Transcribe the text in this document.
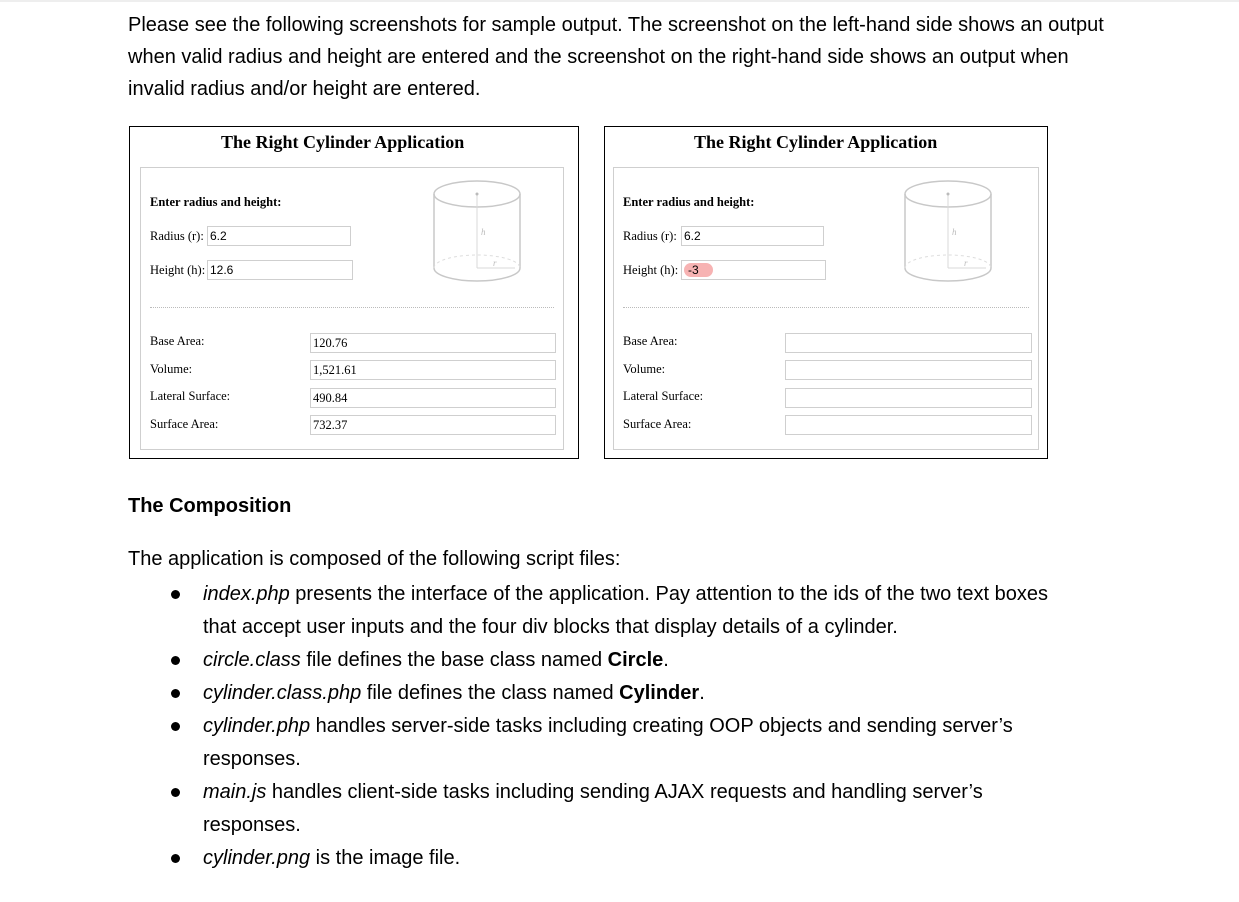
Please see the following screenshots for sample output. The screenshot on the left-hand side shows an output when valid radius and height are entered and the screenshot on the right-hand side shows an output when invalid radius and/or height are entered.

The Right Cylinder Application
Enter radius and height:
Radius (r): 6.2
Height (h): 12.6
h
r
Base Area:	120.76
Volume:	1,521.61
Lateral Surface:	490.84
Surface Area:	732.37
The Right Cylinder Application
Enter radius and height:
Radius (r): 6.2
Height (h): -3
h
r
Base Area:
Volume:
Lateral Surface:
Surface Area:
The Composition

The application is composed of the following script files:

index.php presents the interface of the application. Pay attention to the ids of the two text boxes that accept user inputs and the four div blocks that display details of a cylinder.
circle.class file defines the base class named Circle.
cylinder.class.php file defines the class named Cylinder.
cylinder.php handles server-side tasks including creating OOP objects and sending server’s responses.
main.js handles client-side tasks including sending AJAX requests and handling server’s responses.
cylinder.png is the image file.
